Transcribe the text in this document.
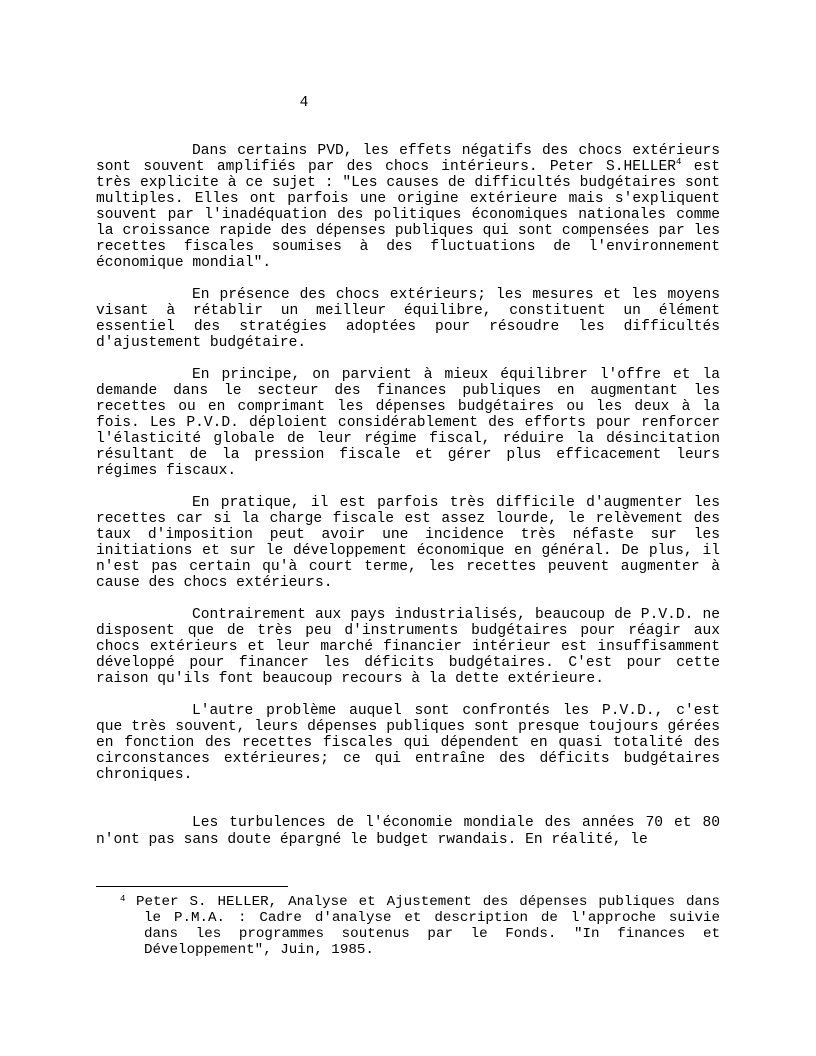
4

Dans certains PVD, les effets négatifs des chocs extérieurs sont souvent amplifiés par des chocs intérieurs. Peter S.HELLER$^4$ est très explicite à ce sujet : "Les causes de difficultés budgétaires sont multiples. Elles ont parfois une origine extérieure mais s'expliquent souvent par l'inadéquation des politiques économiques nationales comme la croissance rapide des dépenses publiques qui sont compensées par les recettes fiscales soumises à des fluctuations de l'environnement économique mondial".

En présence des chocs extérieurs; les mesures et les moyens visant à rétablir un meilleur équilibre, constituent un élément essentiel des stratégies adoptées pour résoudre les difficultés d'ajustement budgétaire.

En principe, on parvient à mieux équilibrer l'offre et la demande dans le secteur des finances publiques en augmentant les recettes ou en comprimant les dépenses budgétaires ou les deux à la fois. Les P.V.D. déploient considérablement des efforts pour renforcer l'élasticité globale de leur régime fiscal, réduire la désincitation résultant de la pression fiscale et gérer plus efficacement leurs régimes fiscaux.

En pratique, il est parfois très difficile d'augmenter les recettes car si la charge fiscale est assez lourde, le relèvement des taux d'imposition peut avoir une incidence très néfaste sur les initiations et sur le développement économique en général. De plus, il n'est pas certain qu'à court terme, les recettes peuvent augmenter à cause des chocs extérieurs.

Contrairement aux pays industrialisés, beaucoup de P.V.D. ne disposent que de très peu d'instruments budgétaires pour réagir aux chocs extérieurs et leur marché financier intérieur est insuffisamment développé pour financer les déficits budgétaires. C'est pour cette raison qu'ils font beaucoup recours à la dette extérieure.

L'autre problème auquel sont confrontés les P.V.D., c'est que très souvent, leurs dépenses publiques sont presque toujours gérées en fonction des recettes fiscales qui dépendent en quasi totalité des circonstances extérieures; ce qui entraîne des déficits budgétaires chroniques.

Les turbulences de l'économie mondiale des années 70 et 80 n'ont pas sans doute épargné le budget rwandais. En réalité, le

4 Peter S. HELLER, Analyse et Ajustement des dépenses publiques dans le P.M.A. : Cadre d'analyse et description de l'approche suivie dans les programmes soutenus par le Fonds. "In finances et Développement", Juin, 1985.
